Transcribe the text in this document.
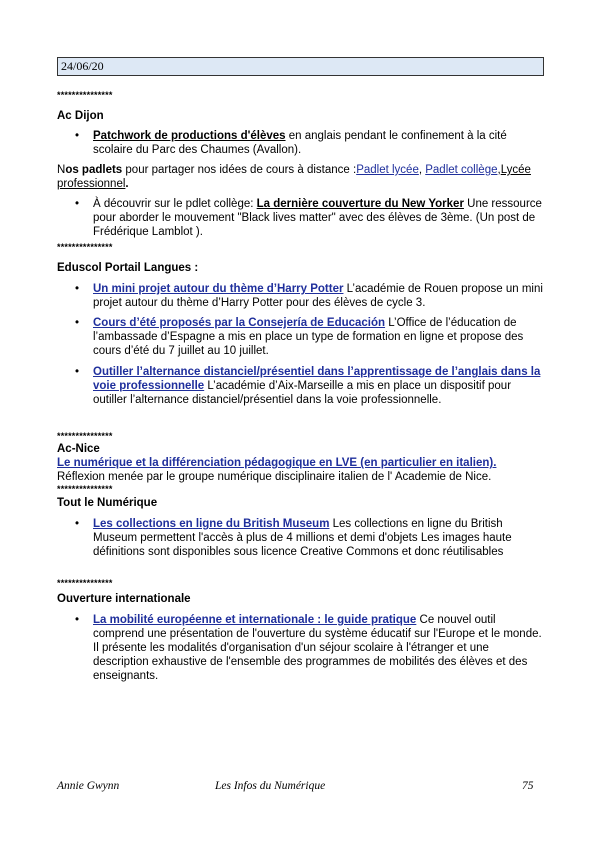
24/06/20
***************
Ac Dijon
• Patchwork de productions d'élèves en anglais pendant le confinement à la cité scolaire du Parc des Chaumes (Avallon).
Nos padlets pour partager nos idées de cours à distance :Padlet lycée, Padlet collège,Lycée professionnel.
• À découvrir sur le pdlet collège: La dernière couverture du New Yorker Une ressource pour aborder le mouvement "Black lives matter" avec des élèves de 3ème. (Un post de Frédérique Lamblot ).
***************
Eduscol Portail Langues :
• Un mini projet autour du thème d’Harry Potter L’académie de Rouen propose un mini projet autour du thème d’Harry Potter pour des élèves de cycle 3.
• Cours d’été proposés par la Consejería de Educación L’Office de l’éducation de l’ambassade d’Espagne a mis en place un type de formation en ligne et propose des cours d’été du 7 juillet au 10 juillet.
• Outiller l’alternance distanciel/présentiel dans l’apprentissage de l’anglais dans la voie professionnelle L’académie d’Aix-Marseille a mis en place un dispositif pour outiller l’alternance distanciel/présentiel dans la voie professionnelle.
***************
Ac-Nice
Le numérique et la différenciation pédagogique en LVE (en particulier en italien).
Réflexion menée par le groupe numérique disciplinaire italien de l' Academie de Nice.
***************
Tout le Numérique
• Les collections en ligne du British Museum Les collections en ligne du British Museum permettent l'accès à plus de 4 millions et demi d'objets Les images haute définitions sont disponibles sous licence Creative Commons et donc réutilisables
***************
Ouverture internationale
• La mobilité européenne et internationale : le guide pratique Ce nouvel outil comprend une présentation de l'ouverture du système éducatif sur l'Europe et le monde. Il présente les modalités d'organisation d'un séjour scolaire à l'étranger et une description exhaustive de l'ensemble des programmes de mobilités des élèves et des enseignants.
Annie Gwynn	Les Infos du Numérique	75
